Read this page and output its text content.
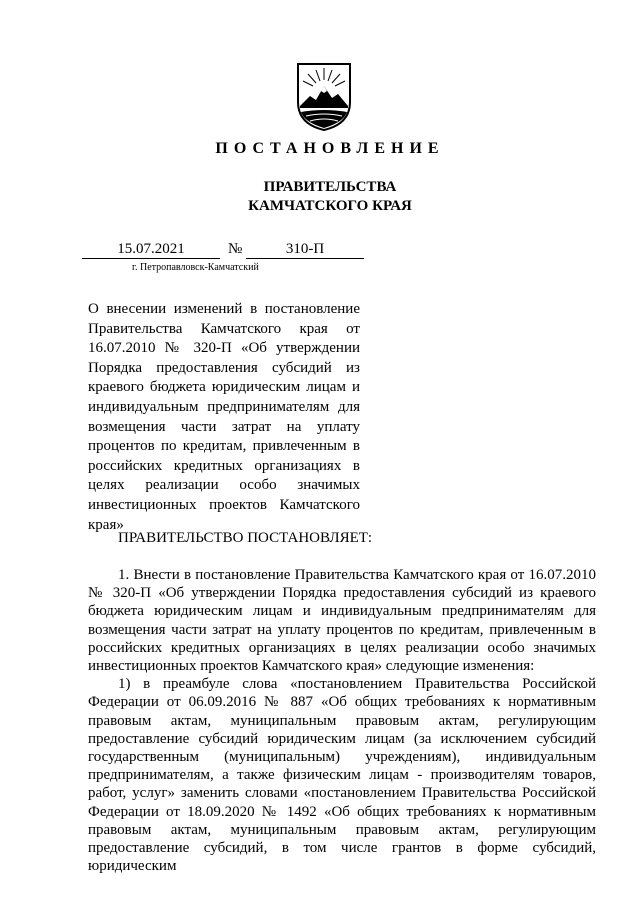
ПОСТАНОВЛЕНИЕ
ПРАВИТЕЛЬСТВА
КАМЧАТСКОГО КРАЯ
15.07.2021	№	310-П
г. Петропавловск-Камчатский
О внесении изменений в постановление Правительства Камчатского края от 16.07.2010 № 320-П «Об утверждении Порядка предоставления субсидий из краевого бюджета юридическим лицам и индивидуальным предпринимателям для возмещения части затрат на уплату процентов по кредитам, привлеченным в российских кредитных организациях в целях реализации особо значимых инвестиционных проектов Камчатского края»
ПРАВИТЕЛЬСТВО ПОСТАНОВЛЯЕТ:

1. Внести в постановление Правительства Камчатского края от 16.07.2010 № 320-П «Об утверждении Порядка предоставления субсидий из краевого бюджета юридическим лицам и индивидуальным предпринимателям для возмещения части затрат на уплату процентов по кредитам, привлеченным в российских кредитных организациях в целях реализации особо значимых инвестиционных проектов Камчатского края» следующие изменения:

1) в преамбуле слова «постановлением Правительства Российской Федерации от 06.09.2016 № 887 «Об общих требованиях к нормативным правовым актам, муниципальным правовым актам, регулирующим предоставление субсидий юридическим лицам (за исключением субсидий государственным (муниципальным) учреждениям), индивидуальным предпринимателям, а также физическим лицам - производителям товаров, работ, услуг» заменить словами «постановлением Правительства Российской Федерации от 18.09.2020 № 1492 «Об общих требованиях к нормативным правовым актам, муниципальным правовым актам, регулирующим предоставление субсидий, в том числе грантов в форме субсидий, юридическим
